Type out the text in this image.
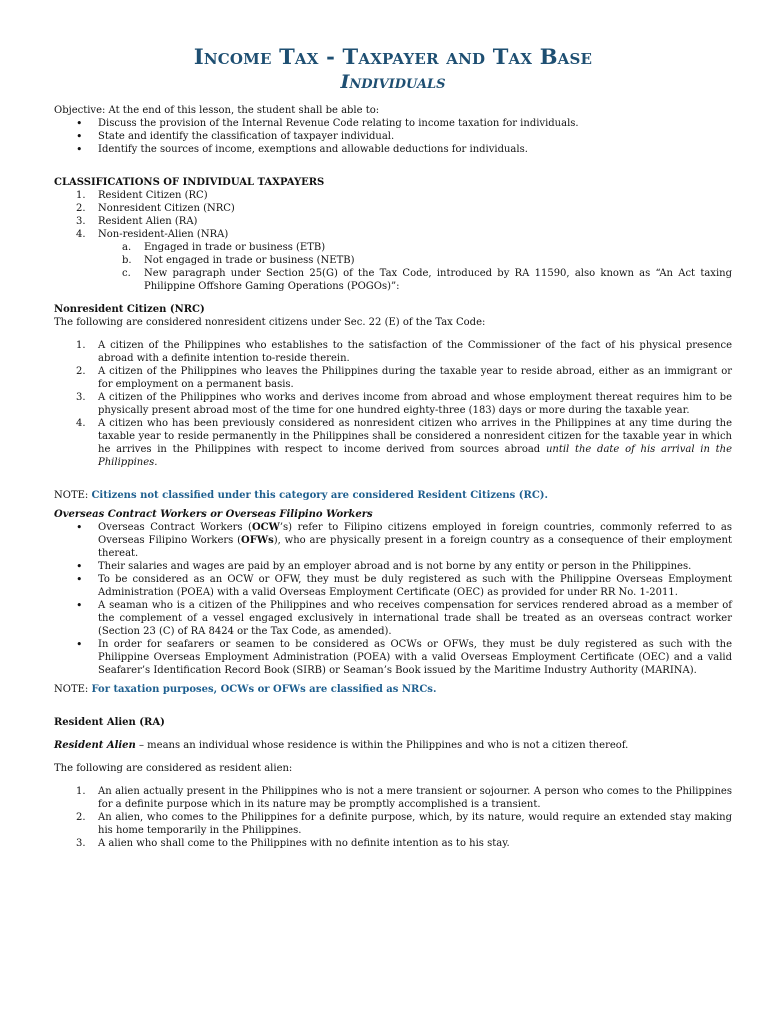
Income Tax - Taxpayer and Tax Base
Individuals

Objective: At the end of this lesson, the student shall be able to:

• Discuss the provision of the Internal Revenue Code relating to income taxation for individuals.
• State and identify the classification of taxpayer individual.
• Identify the sources of income, exemptions and allowable deductions for individuals.

CLASSIFICATIONS OF INDIVIDUAL TAXPAYERS

1. Resident Citizen (RC)
2. Nonresident Citizen (NRC)
3. Resident Alien (RA)
4. Non-resident-Alien (NRA)
a. Engaged in trade or business (ETB)
b. Not engaged in trade or business (NETB)
c. New paragraph under Section 25(G) of the Tax Code, introduced by RA 11590, also known as “An Act taxing Philippine Offshore Gaming Operations (POGOs)”:

Nonresident Citizen (NRC)

The following are considered nonresident citizens under Sec. 22 (E) of the Tax Code:

1. A citizen of the Philippines who establishes to the satisfaction of the Commissioner of the fact of his physical presence abroad with a definite intention to-reside therein.
2. A citizen of the Philippines who leaves the Philippines during the taxable year to reside abroad, either as an immigrant or for employment on a permanent basis.
3. A citizen of the Philippines who works and derives income from abroad and whose employment thereat requires him to be physically present abroad most of the time for one hundred eighty-three (183) days or more during the taxable year.
4. A citizen who has been previously considered as nonresident citizen who arrives in the Philippines at any time during the taxable year to reside permanently in the Philippines shall be considered a nonresident citizen for the taxable year in which he arrives in the Philippines with respect to income derived from sources abroad until the date of his arrival in the Philippines.

NOTE: Citizens not classified under this category are considered Resident Citizens (RC).

Overseas Contract Workers or Overseas Filipino Workers

• Overseas Contract Workers (OCW’s) refer to Filipino citizens employed in foreign countries, commonly referred to as Overseas Filipino Workers (OFWs), who are physically present in a foreign country as a consequence of their employment thereat.
• Their salaries and wages are paid by an employer abroad and is not borne by any entity or person in the Philippines.
• To be considered as an OCW or OFW, they must be duly registered as such with the Philippine Overseas Employment Administration (POEA) with a valid Overseas Employment Certificate (OEC) as provided for under RR No. 1-2011.
• A seaman who is a citizen of the Philippines and who receives compensation for services rendered abroad as a member of the complement of a vessel engaged exclusively in international trade shall be treated as an overseas contract worker (Section 23 (C) of RA 8424 or the Tax Code, as amended).
• In order for seafarers or seamen to be considered as OCWs or OFWs, they must be duly registered as such with the Philippine Overseas Employment Administration (POEA) with a valid Overseas Employment Certificate (OEC) and a valid Seafarer’s Identification Record Book (SIRB) or Seaman’s Book issued by the Maritime Industry Authority (MARINA).

NOTE: For taxation purposes, OCWs or OFWs are classified as NRCs.

Resident Alien (RA)

Resident Alien – means an individual whose residence is within the Philippines and who is not a citizen thereof.

The following are considered as resident alien:

1. An alien actually present in the Philippines who is not a mere transient or sojourner. A person who comes to the Philippines for a definite purpose which in its nature may be promptly accomplished is a transient.
2. An alien, who comes to the Philippines for a definite purpose, which, by its nature, would require an extended stay making his home temporarily in the Philippines.
3. A alien who shall come to the Philippines with no definite intention as to his stay.
